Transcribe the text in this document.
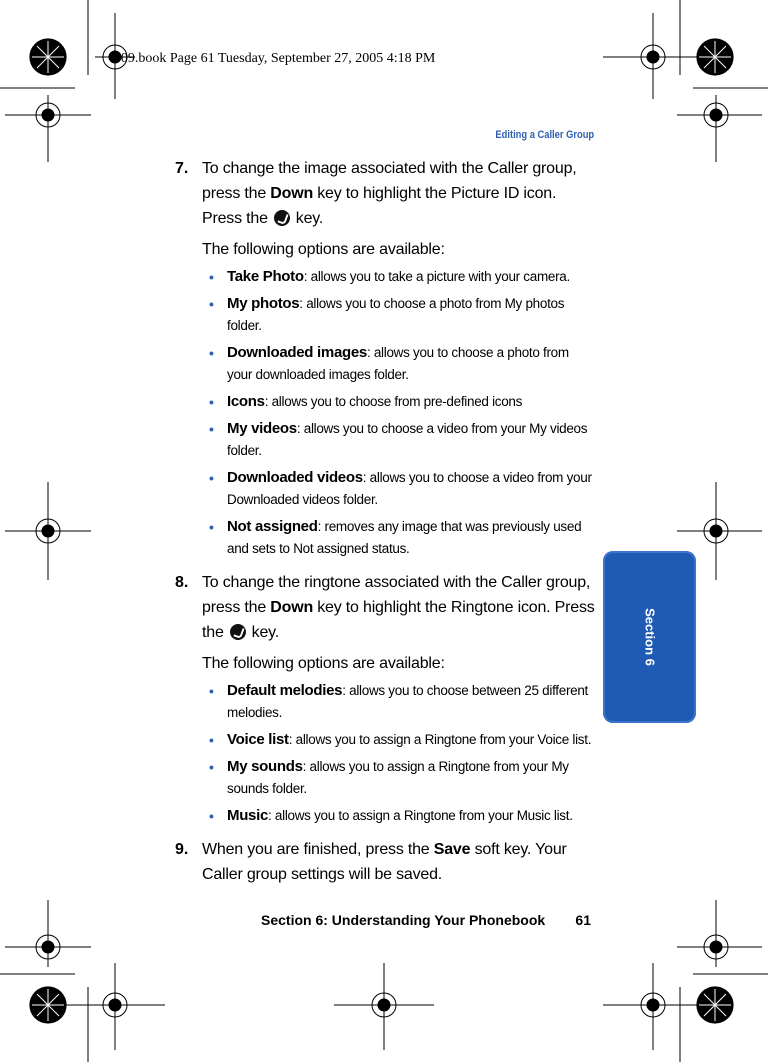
t809.book Page 61 Tuesday, September 27, 2005 4:18 PM
Editing a Caller Group
Section 6
7. To change the image associated with the Caller group, press the Down key to highlight the Picture ID icon. Press the key.
The following options are available:
• Take Photo: allows you to take a picture with your camera.
• My photos: allows you to choose a photo from My photos folder.
• Downloaded images: allows you to choose a photo from your downloaded images folder.
• Icons: allows you to choose from pre-defined icons
• My videos: allows you to choose a video from your My videos folder.
• Downloaded videos: allows you to choose a video from your Downloaded videos folder.
• Not assigned: removes any image that was previously used and sets to Not assigned status.
8. To change the ringtone associated with the Caller group, press the Down key to highlight the Ringtone icon. Press the key.
The following options are available:
• Default melodies: allows you to choose between 25 different melodies.
• Voice list: allows you to assign a Ringtone from your Voice list.
• My sounds: allows you to assign a Ringtone from your My sounds folder.
• Music: allows you to assign a Ringtone from your Music list.
9. When you are finished, press the Save soft key. Your Caller group settings will be saved.
Section 6: Understanding Your Phonebook 61
